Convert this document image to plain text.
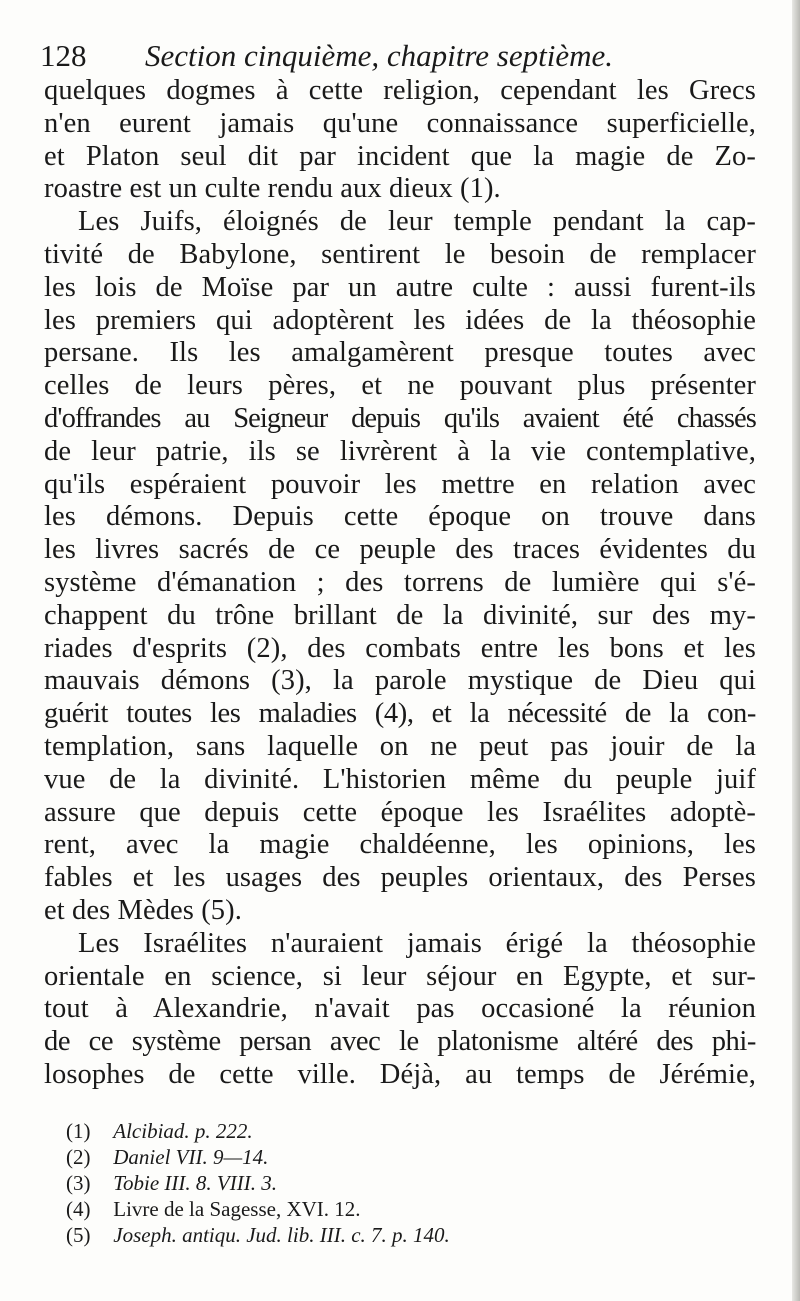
128 Section cinquième, chapitre septième.
quelques dogmes à cette religion, cependant les Grecs
n'en eurent jamais qu'une connaissance superficielle,
et Platon seul dit par incident que la magie de Zo-
roastre est un culte rendu aux dieux (1).
Les Juifs, éloignés de leur temple pendant la cap-
tivité de Babylone, sentirent le besoin de remplacer
les lois de Moïse par un autre culte : aussi furent-ils
les premiers qui adoptèrent les idées de la théosophie
persane. Ils les amalgamèrent presque toutes avec
celles de leurs pères, et ne pouvant plus présenter
d'offrandes au Seigneur depuis qu'ils avaient été chassés
de leur patrie, ils se livrèrent à la vie contemplative,
qu'ils espéraient pouvoir les mettre en relation avec
les démons. Depuis cette époque on trouve dans
les livres sacrés de ce peuple des traces évidentes du
système d'émanation ; des torrens de lumière qui s'é-
chappent du trône brillant de la divinité, sur des my-
riades d'esprits (2), des combats entre les bons et les
mauvais démons (3), la parole mystique de Dieu qui
guérit toutes les maladies (4), et la nécessité de la con-
templation, sans laquelle on ne peut pas jouir de la
vue de la divinité. L'historien même du peuple juif
assure que depuis cette époque les Israélites adoptè-
rent, avec la magie chaldéenne, les opinions, les
fables et les usages des peuples orientaux, des Perses
et des Mèdes (5).
Les Israélites n'auraient jamais érigé la théosophie
orientale en science, si leur séjour en Egypte, et sur-
tout à Alexandrie, n'avait pas occasioné la réunion
de ce système persan avec le platonisme altéré des phi-
losophes de cette ville. Déjà, au temps de Jérémie,
(1) Alcibiad. p. 222.
(2) Daniel VII. 9—14.
(3) Tobie III. 8. VIII. 3.
(4) Livre de la Sagesse, XVI. 12.
(5) Joseph. antiqu. Jud. lib. III. c. 7. p. 140.
